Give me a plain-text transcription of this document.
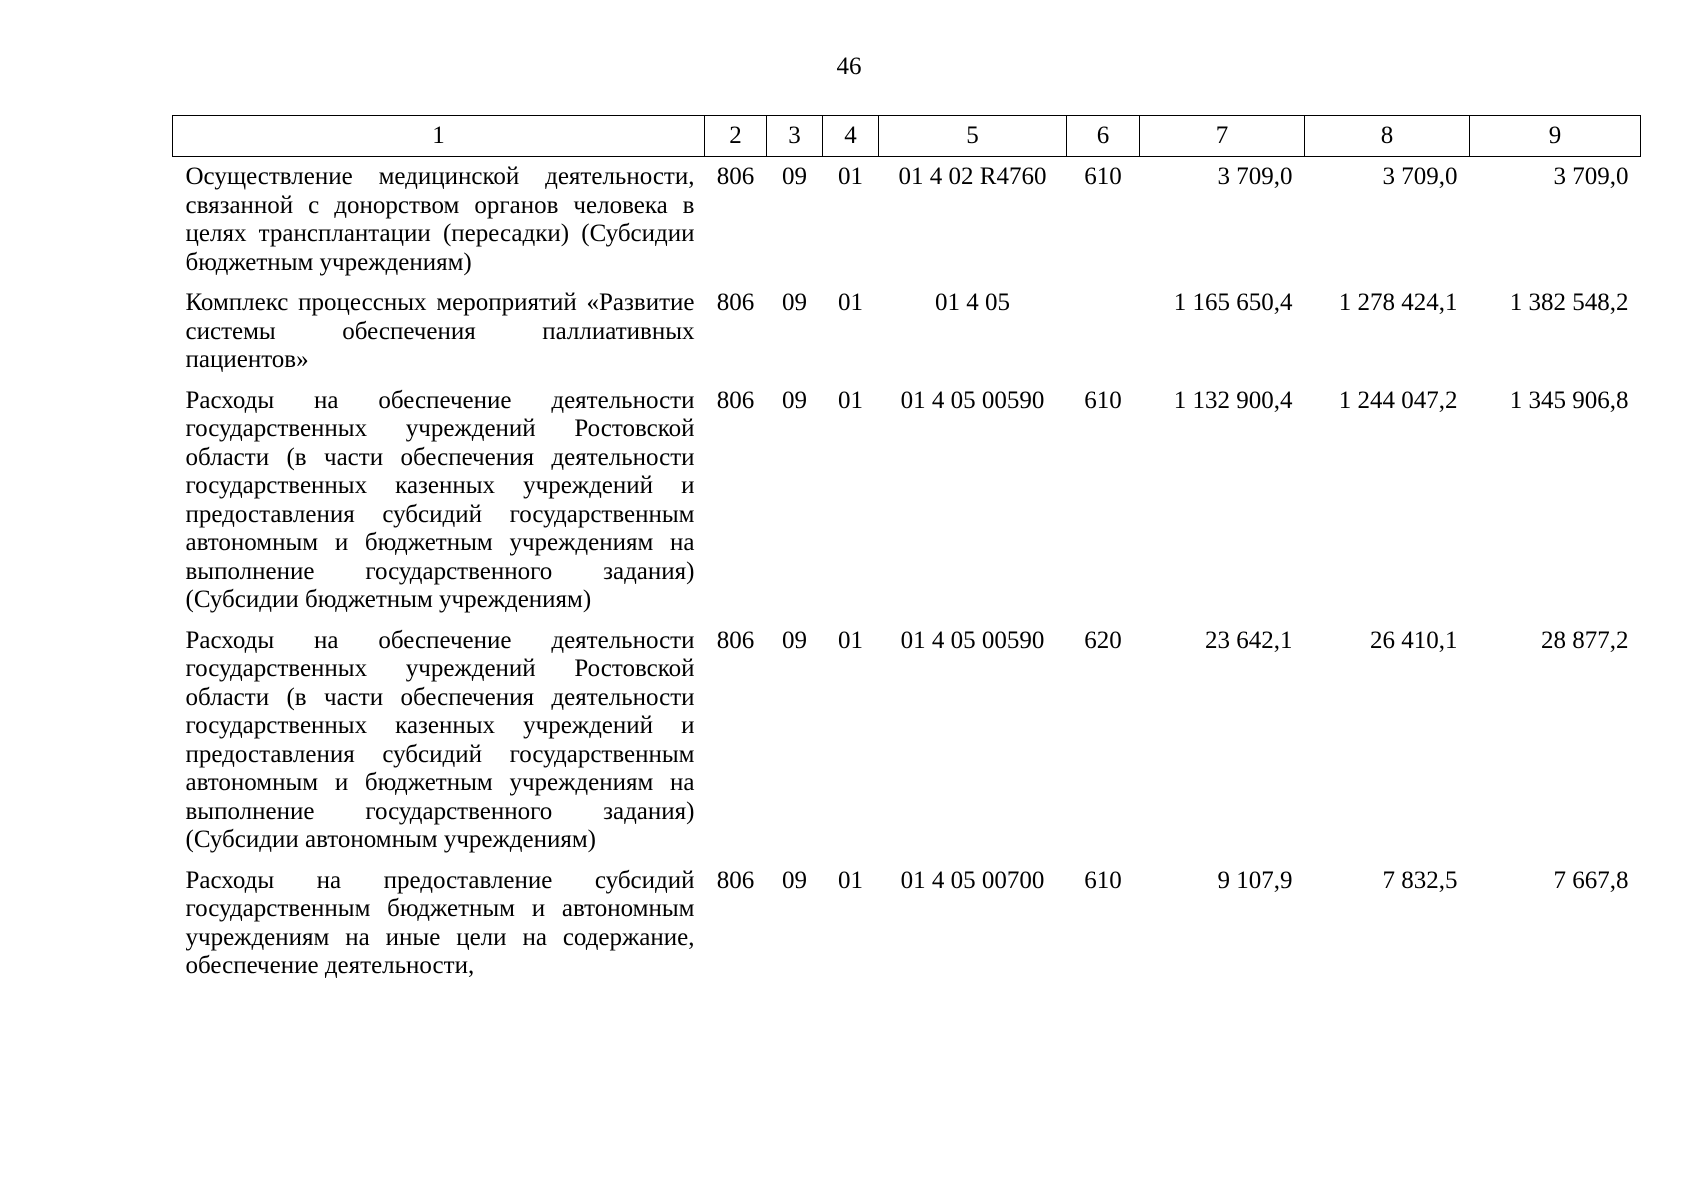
46
1	2	3	4	5	6	7	8	9
Осуществление медицинской деятельности, связанной с донорством органов человека в целях трансплантации (пересадки) (Субсидии бюджетным учреждениям)	806	09	01	01 4 02 R4760	610	3 709,0	3 709,0	3 709,0
Комплекс процессных мероприятий «Развитие системы обеспечения паллиативных пациентов»	806	09	01	01 4 05		1 165 650,4	1 278 424,1	1 382 548,2
Расходы на обеспечение деятельности государственных учреждений Ростовской области (в части обеспечения деятельности государственных казенных учреждений и предоставления субсидий государственным автономным и бюджетным учреждениям на выполнение государственного задания) (Субсидии бюджетным учреждениям)	806	09	01	01 4 05 00590	610	1 132 900,4	1 244 047,2	1 345 906,8
Расходы на обеспечение деятельности государственных учреждений Ростовской области (в части обеспечения деятельности государственных казенных учреждений и предоставления субсидий государственным автономным и бюджетным учреждениям на выполнение государственного задания) (Субсидии автономным учреждениям)	806	09	01	01 4 05 00590	620	23 642,1	26 410,1	28 877,2
Расходы на предоставление субсидий государственным бюджетным и автономным учреждениям на иные цели на содержание, обеспечение деятельности,	806	09	01	01 4 05 00700	610	9 107,9	7 832,5	7 667,8
